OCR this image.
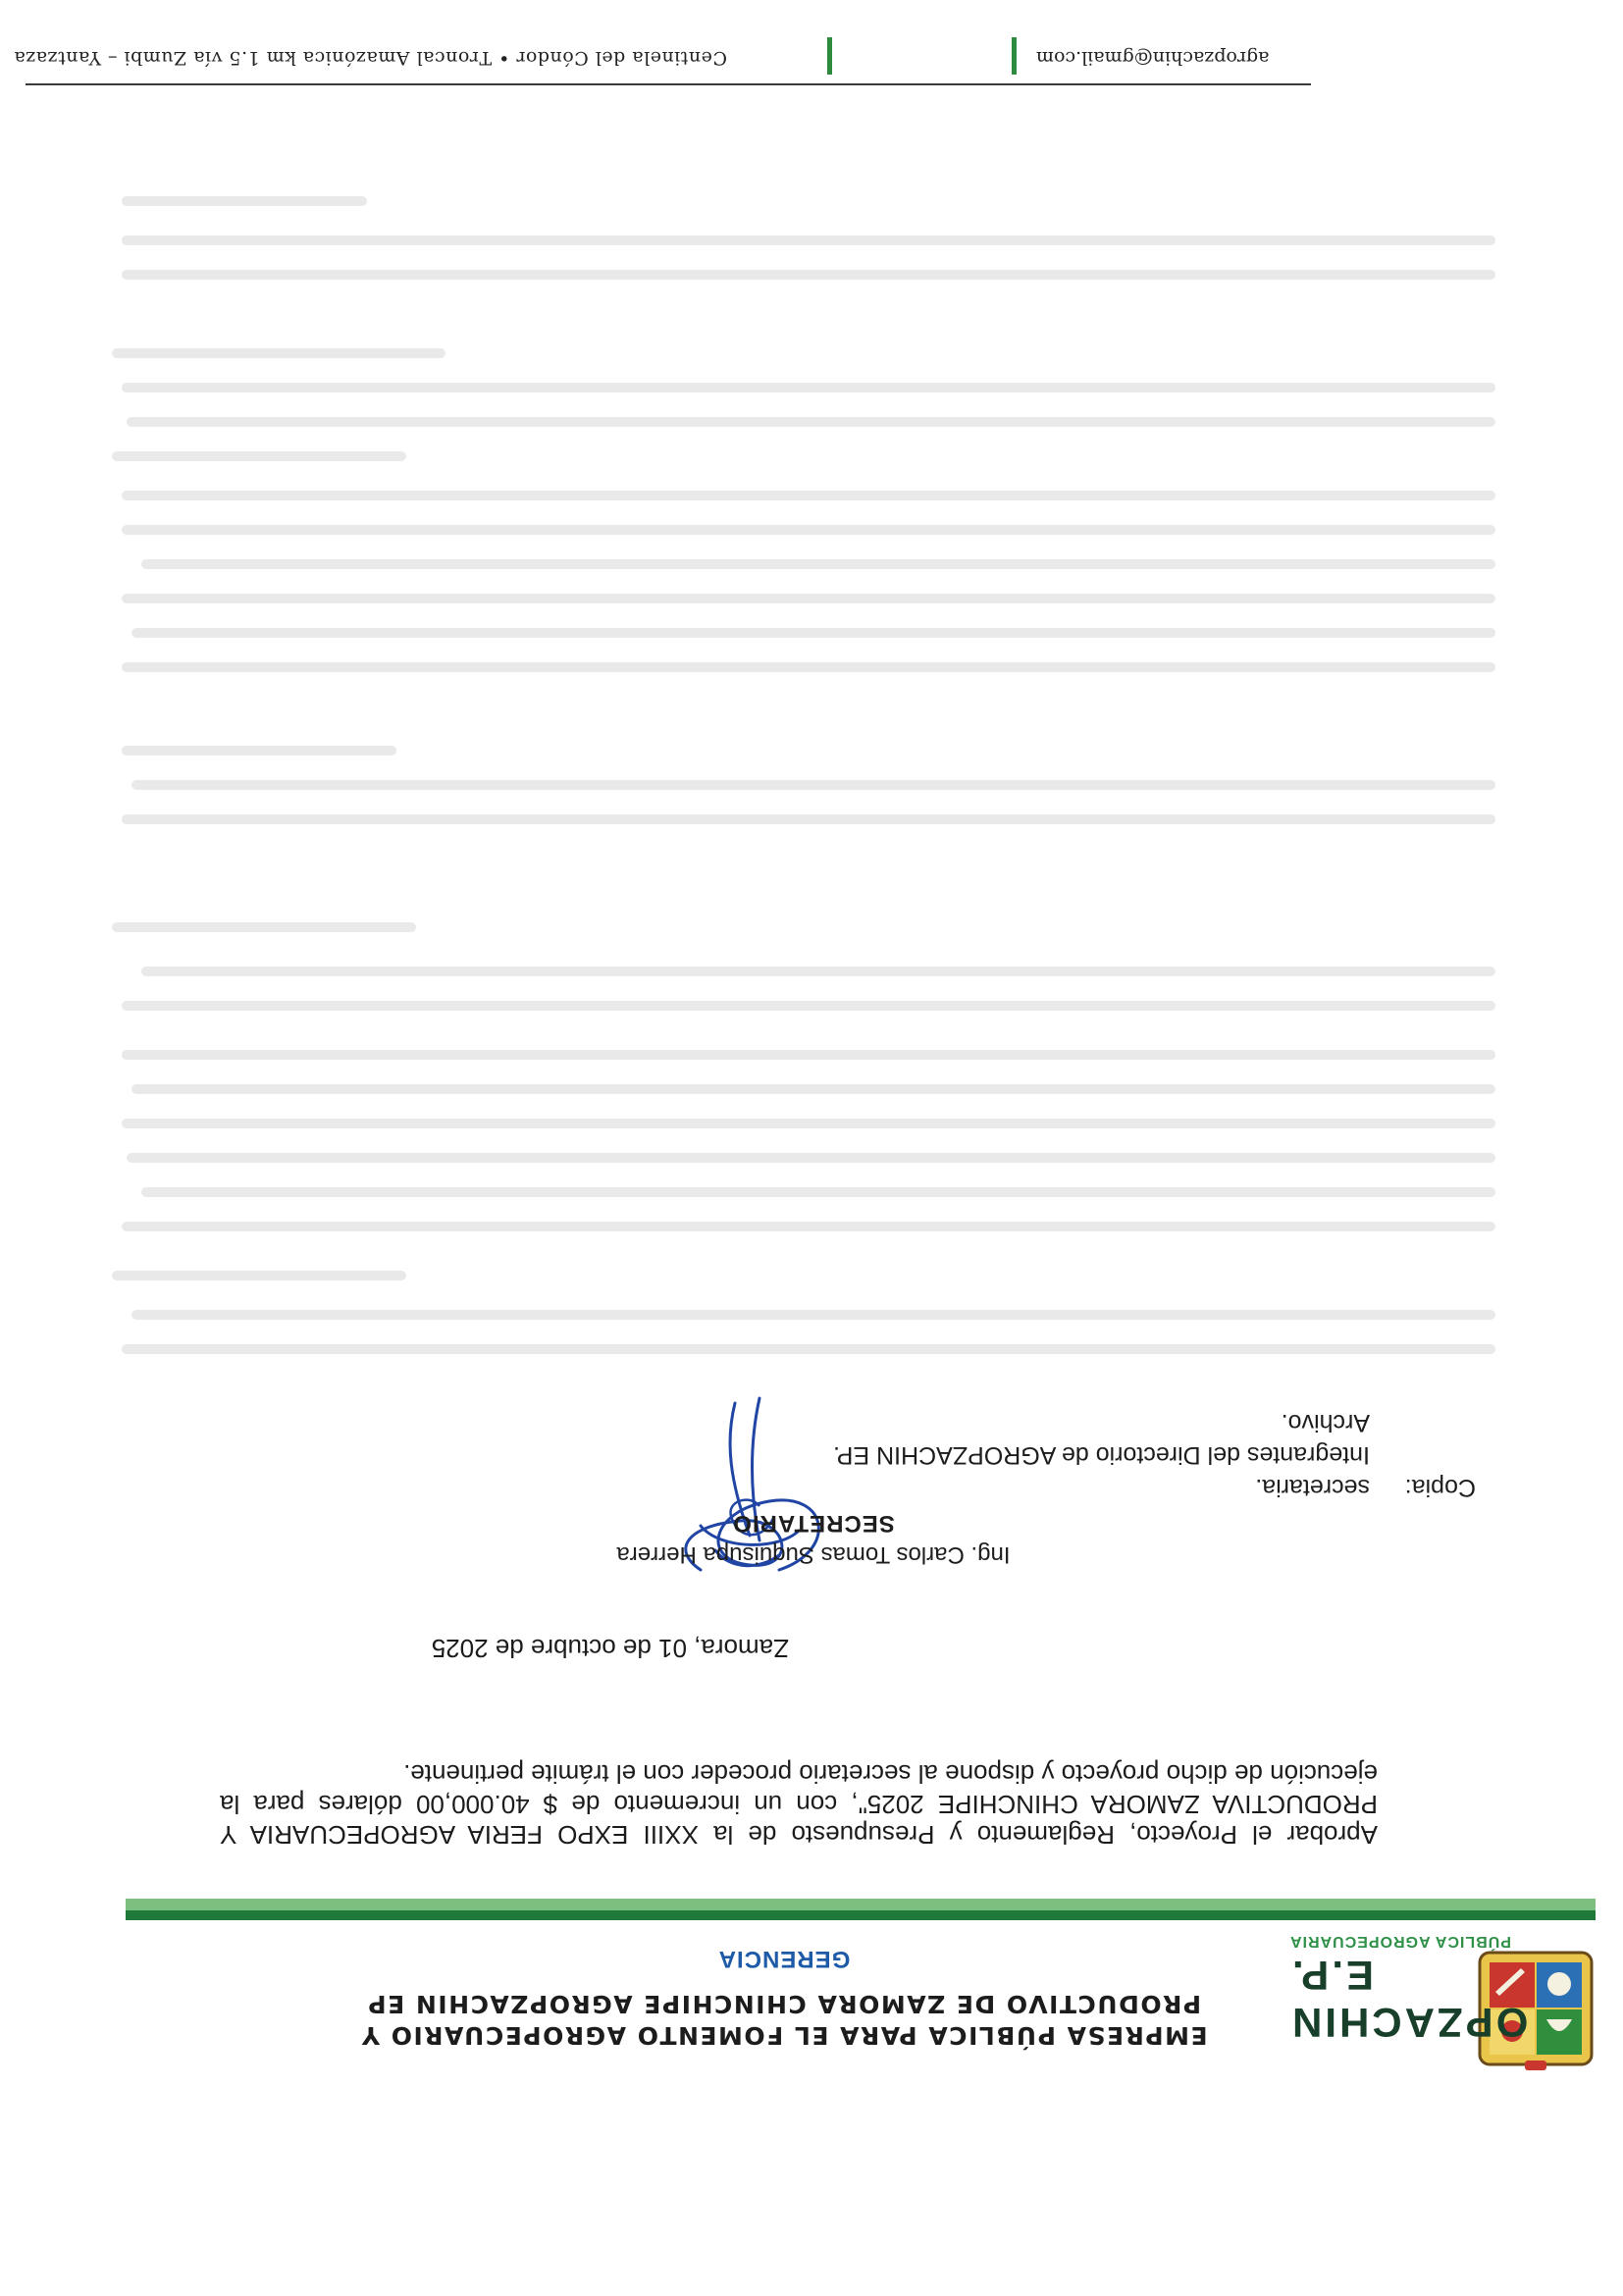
OPZACHIN E.P.
PÚBLICA AGROPECUARIA
EMPRESA PÚBLICA PARA EL FOMENTO AGROPECUARIO Y PRODUCTIVO DE ZAMORA CHINCHIPE AGROPZACHIN EP
GERENCIA
Aprobar el Proyecto, Reglamento y Presupuesto de la XXIII EXPO FERIA AGROPECUARIA Y PRODUCTIVA ZAMORA CHINCHIPE 2025", con un incremento de $ 40.000,00 dólares para la ejecución de dicho proyecto y dispone al secretario proceder con el trámite pertinente.
Zamora, 01 de octubre de 2025
Ing. Carlos Tomas Suquisupa Herrera
SECRETARIO
Copia:
secretaria.
Integrantes del Directorio de AGROPZACHIN EP.
Archivo.
Centinela del Cóndor • Troncal Amazónica km 1.5 vía Zumbi – Yantzaza	agropzachin@gmail.com
